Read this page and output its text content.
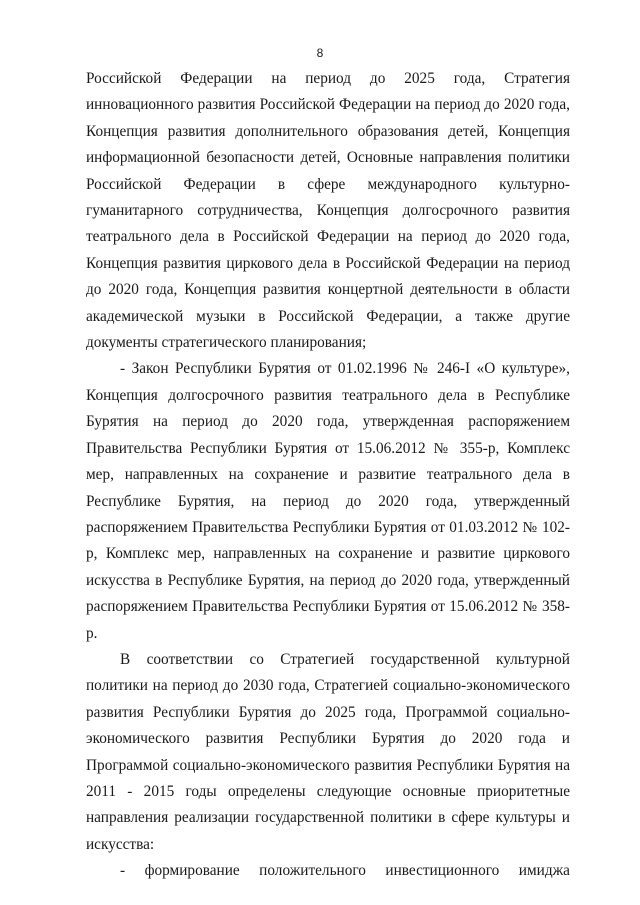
8

Российской Федерации на период до 2025 года, Стратегия инновационного развития Российской Федерации на период до 2020 года, Концепция развития дополнительного образования детей, Концепция информационной безопасности детей, Основные направления политики Российской Федерации в сфере международного культурно-гуманитарного сотрудничества, Концепция долгосрочного развития театрального дела в Российской Федерации на период до 2020 года, Концепция развития циркового дела в Российской Федерации на период до 2020 года, Концепция развития концертной деятельности в области академической музыки в Российской Федерации, а также другие документы стратегического планирования;

- Закон Республики Бурятия от 01.02.1996 № 246-I «О культуре», Концепция долгосрочного развития театрального дела в Республике Бурятия на период до 2020 года, утвержденная распоряжением Правительства Республики Бурятия от 15.06.2012 № 355-р, Комплекс мер, направленных на сохранение и развитие театрального дела в Республике Бурятия, на период до 2020 года, утвержденный распоряжением Правительства Республики Бурятия от 01.03.2012 № 102-р, Комплекс мер, направленных на сохранение и развитие циркового искусства в Республике Бурятия, на период до 2020 года, утвержденный распоряжением Правительства Республики Бурятия от 15.06.2012 № 358-р.

В соответствии со Стратегией государственной культурной политики на период до 2030 года, Стратегией социально-экономического развития Республики Бурятия до 2025 года, Программой социально-экономического развития Республики Бурятия до 2020 года и Программой социально-экономического развития Республики Бурятия на 2011 - 2015 годы определены следующие основные приоритетные направления реализации государственной политики в сфере культуры и искусства:

- формирование положительного инвестиционного имиджа
